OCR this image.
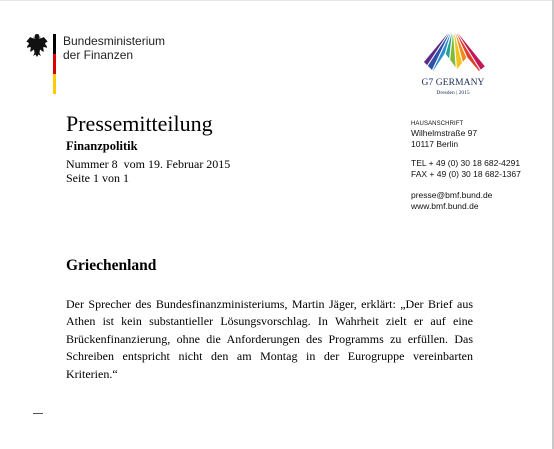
Bundesministerium
der Finanzen
G7 GERMANY
Dresden | 2015
Pressemitteilung
Finanzpolitik
Nummer 8  vom 19. Februar 2015
Seite 1 von 1
HAUSANSCHRIFT
Wilhelmstraße 97
10117 Berlin
TEL + 49 (0) 30 18 682-4291
FAX + 49 (0) 30 18 682-1367
presse@bmf.bund.de
www.bmf.bund.de
Griechenland
Der Sprecher des Bundesfinanzministeriums, Martin Jäger, erklärt: „Der Brief aus Athen ist kein substantieller Lösungsvorschlag. In Wahrheit zielt er auf eine Brückenfinanzierung, ohne die Anforderungen des Programms zu erfüllen. Das Schreiben entspricht nicht den am Montag in der Eurogruppe vereinbarten Kriterien.“
